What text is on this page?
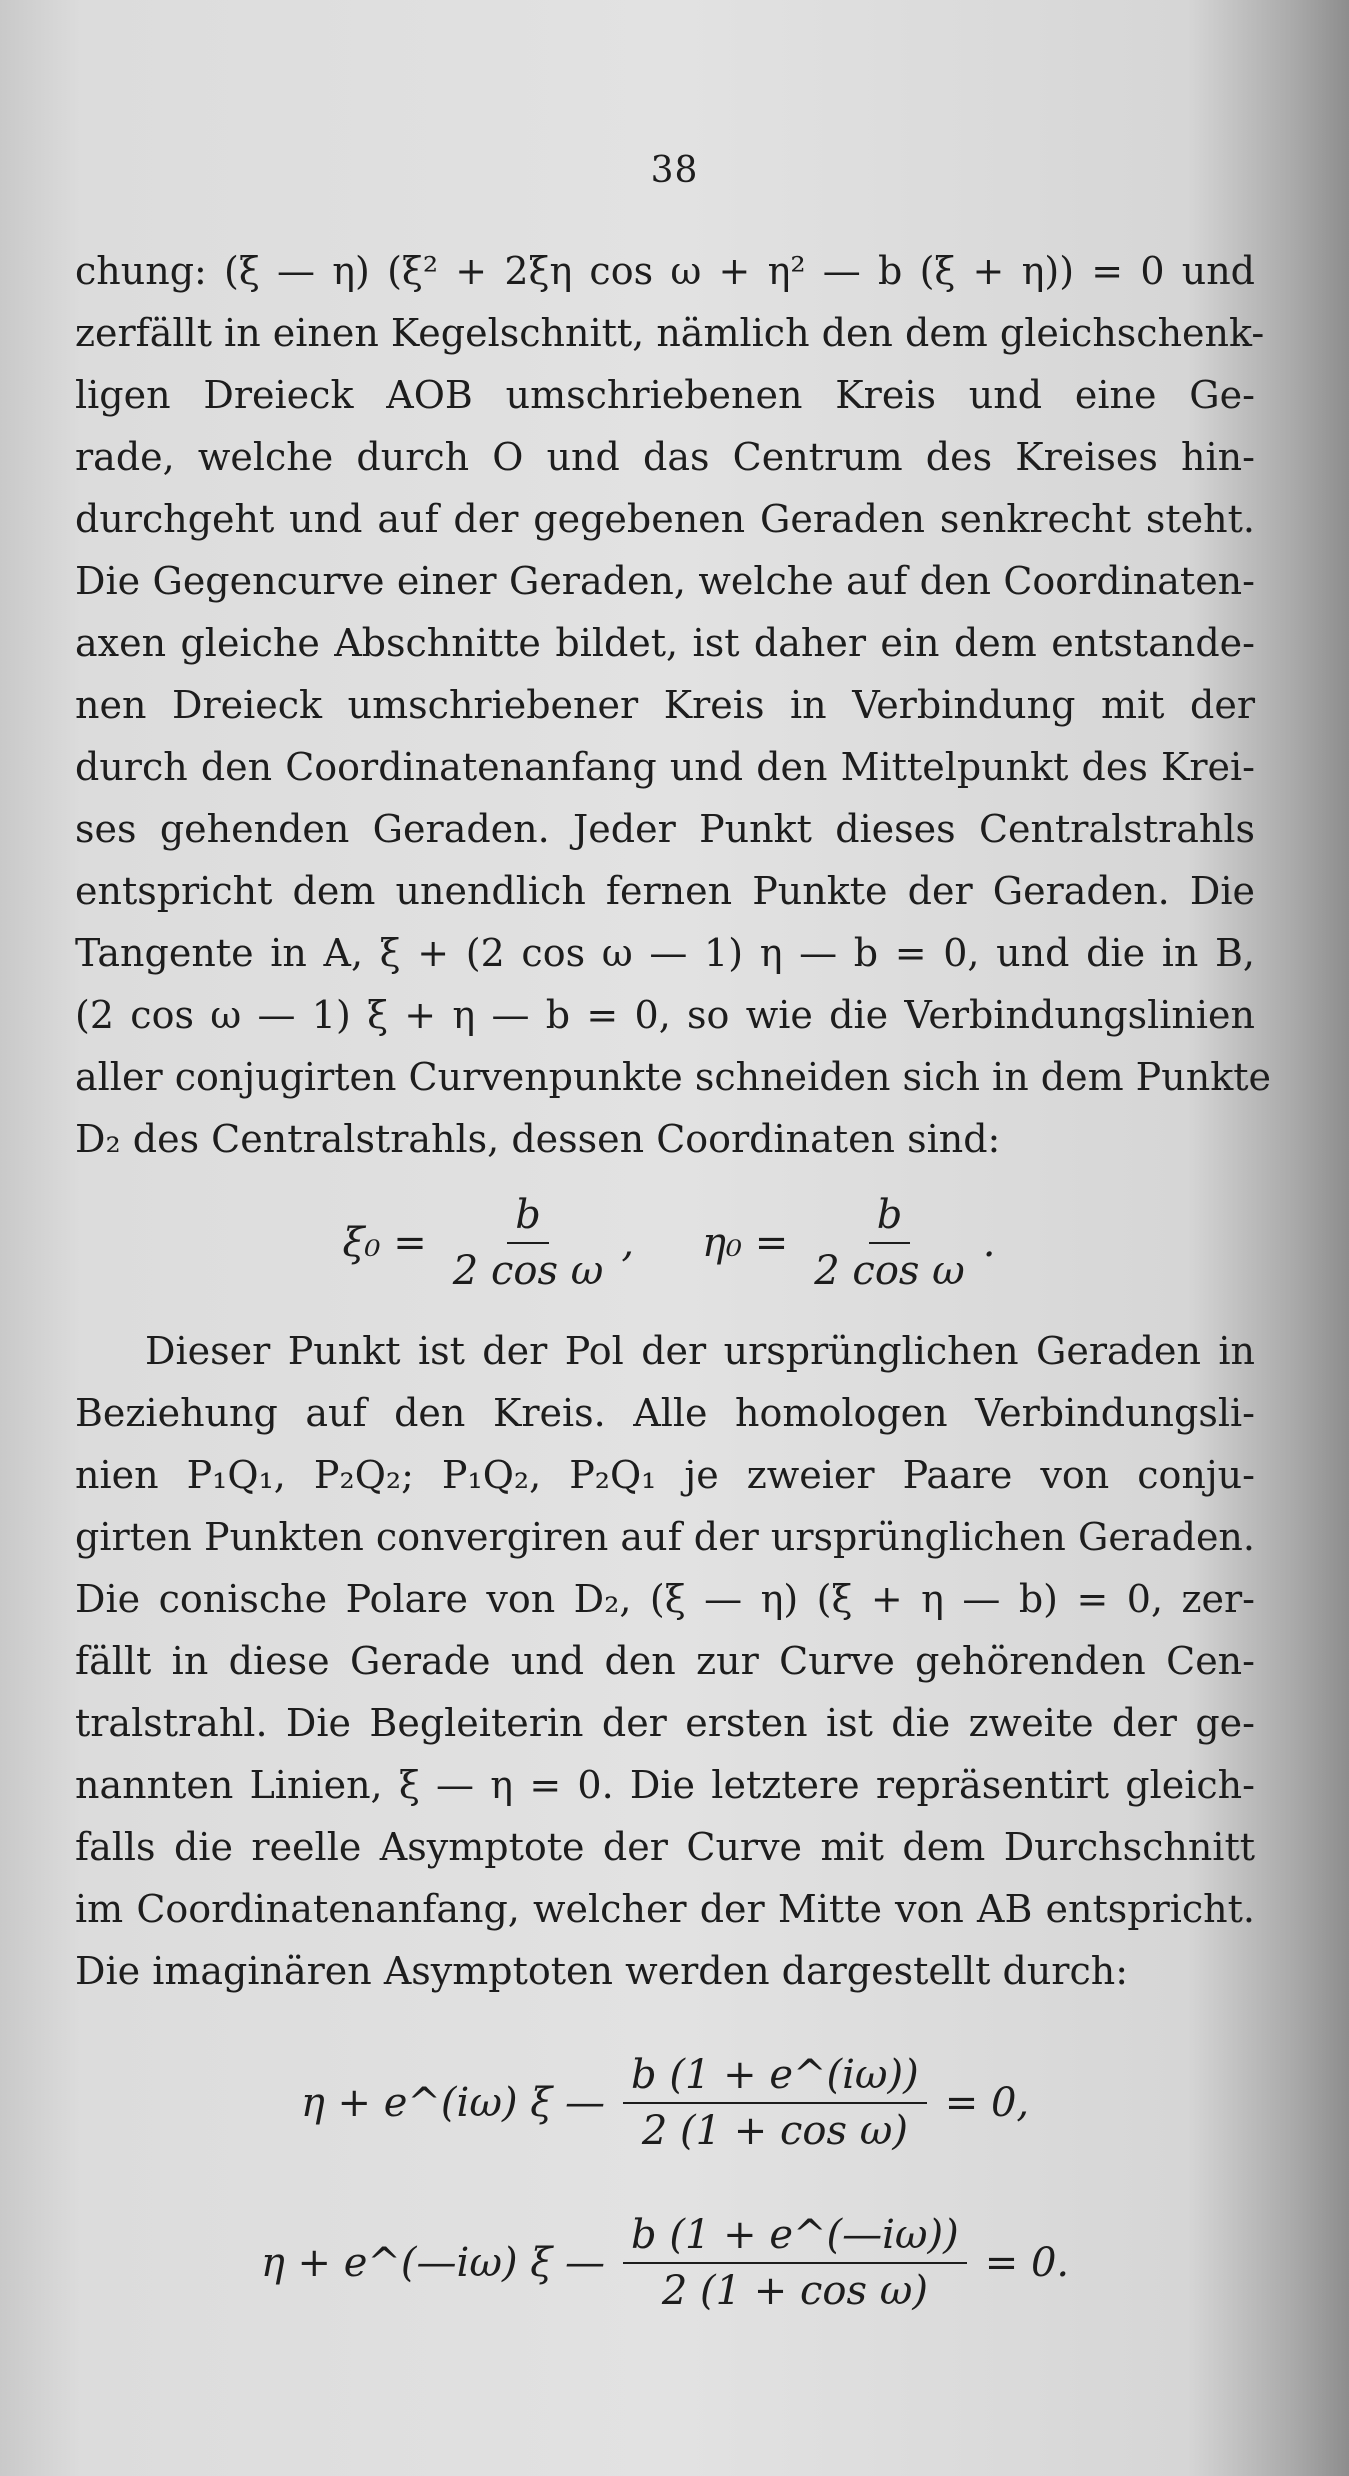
38
chung: (ξ — η) (ξ² + 2ξη cos ω + η² — b (ξ + η)) = 0 und
zerfällt in einen Kegelschnitt, nämlich den dem gleichschenk-
ligen Dreieck AOB umschriebenen Kreis und eine Ge-
rade, welche durch O und das Centrum des Kreises hin-
durchgeht und auf der gegebenen Geraden senkrecht steht.
Die Gegencurve einer Geraden, welche auf den Coordinaten-
axen gleiche Abschnitte bildet, ist daher ein dem entstande-
nen Dreieck umschriebener Kreis in Verbindung mit der
durch den Coordinatenanfang und den Mittelpunkt des Krei-
ses gehenden Geraden. Jeder Punkt dieses Centralstrahls
entspricht dem unendlich fernen Punkte der Geraden. Die
Tangente in A, ξ + (2 cos ω — 1) η — b = 0, und die in B,
(2 cos ω — 1) ξ + η — b = 0, so wie die Verbindungslinien
aller conjugirten Curvenpunkte schneiden sich in dem Punkte
D₂ des Centralstrahls, dessen Coordinaten sind:
$\xi_0 = \frac{b}{\text{2 cos ω}}$ , $\eta_0 = \frac{b}{\text{2 cos ω}}$ .
Dieser Punkt ist der Pol der ursprünglichen Geraden in
Beziehung auf den Kreis. Alle homologen Verbindungsli-
nien P₁Q₁, P₂Q₂; P₁Q₂, P₂Q₁ je zweier Paare von conju-
girten Punkten convergiren auf der ursprünglichen Geraden.
Die conische Polare von D₂, (ξ — η) (ξ + η — b) = 0, zer-
fällt in diese Gerade und den zur Curve gehörenden Cen-
tralstrahl. Die Begleiterin der ersten ist die zweite der ge-
nannten Linien, ξ — η = 0. Die letztere repräsentirt gleich-
falls die reelle Asymptote der Curve mit dem Durchschnitt
im Coordinatenanfang, welcher der Mitte von AB entspricht.
Die imaginären Asymptoten werden dargestellt durch:
η + e^(iω) ξ — $\frac{b (1 + e\^{}(i\omega))}{\text{2 (1 + cos ω)}} = 0$,
η + e^(—iω) ξ — $\frac{b (1 + e\^{}(—i\omega))}{\text{2 (1 + cos ω)}} = 0$.
